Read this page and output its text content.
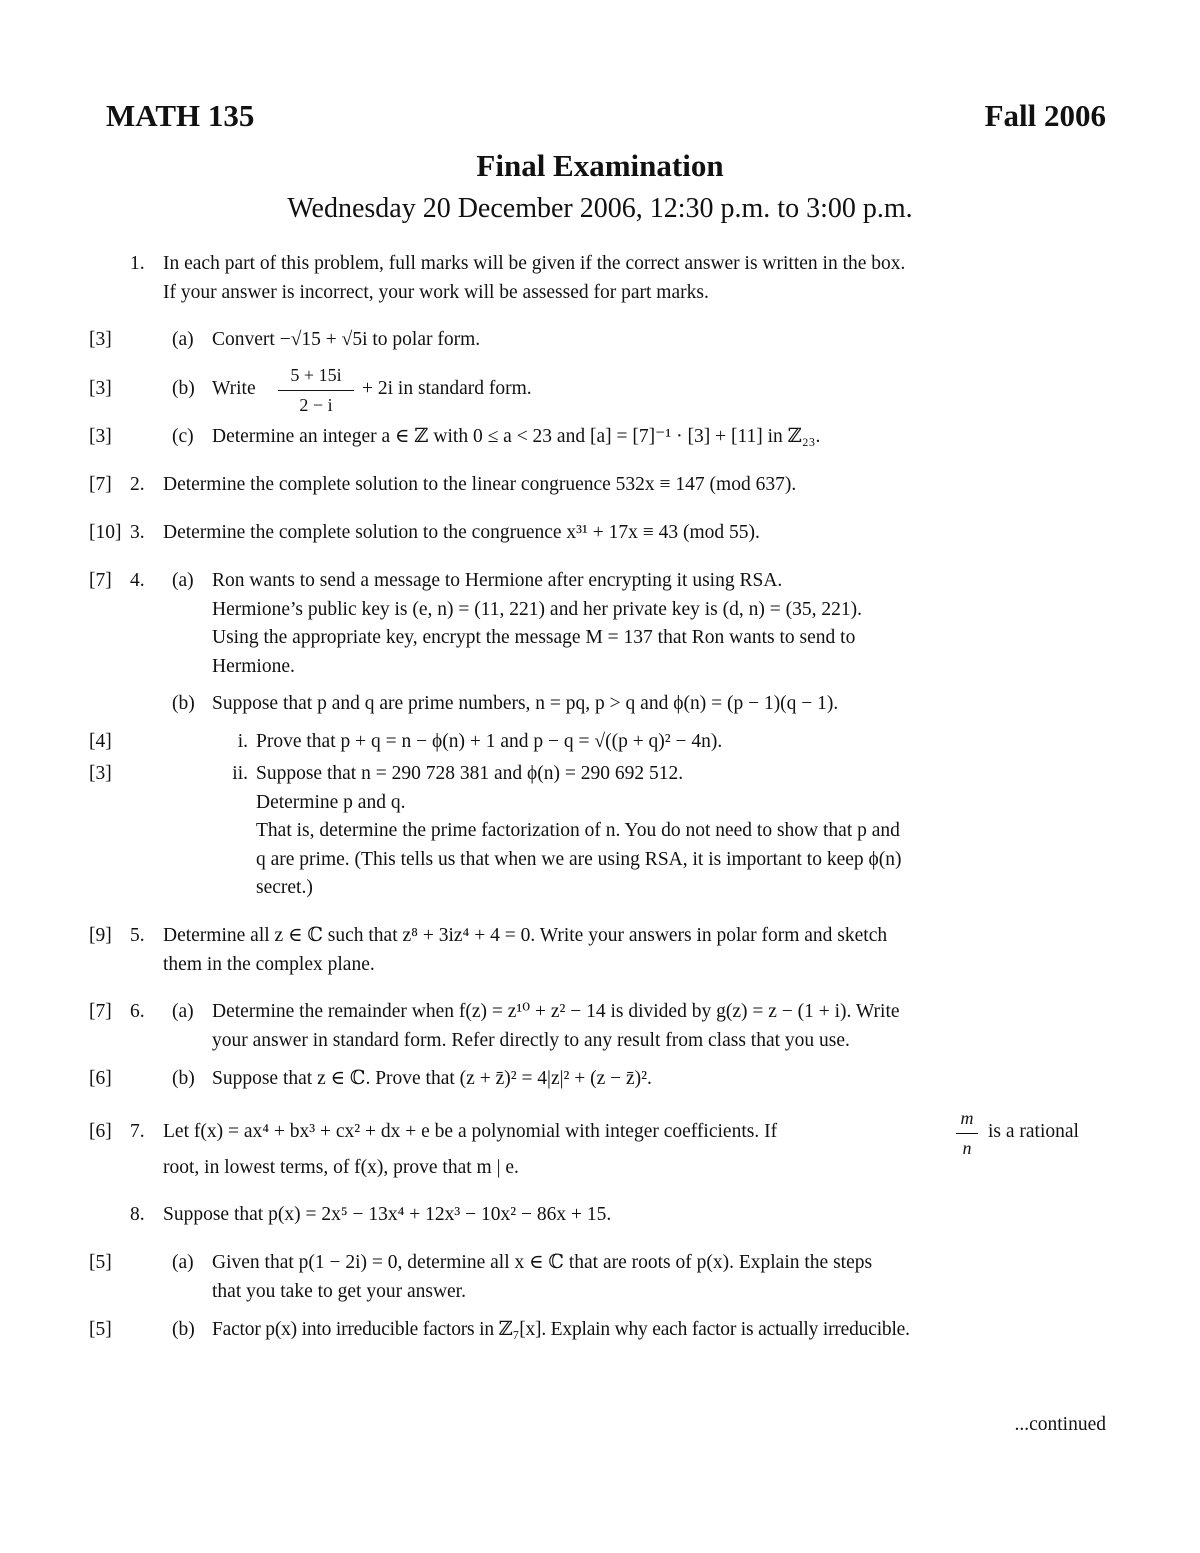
MATH 135	Fall 2006
Final Examination
Wednesday 20 December 2006, 12:30 p.m. to 3:00 p.m.
1. In each part of this problem, full marks will be given if the correct answer is written in the box.
If your answer is incorrect, your work will be assessed for part marks.
[3]	(a) Convert −√15 + √5i to polar form.
[3]	(b) Write
5 + 15i
2 − i
+ 2i in standard form.
[3]	(c) Determine an integer a ∈ ℤ with 0 ≤ a < 23 and [a] = [7]⁻¹ · [3] + [11] in ℤ₂₃.
[7] 2. Determine the complete solution to the linear congruence 532x ≡ 147 (mod 637).
[10] 3. Determine the complete solution to the congruence x³¹ + 17x ≡ 43 (mod 55).
[7] 4. (a) Ron wants to send a message to Hermione after encrypting it using RSA.
Hermione’s public key is (e, n) = (11, 221) and her private key is (d, n) = (35, 221).
Using the appropriate key, encrypt the message M = 137 that Ron wants to send to
Hermione.
(b) Suppose that p and q are prime numbers, n = pq, p > q and ϕ(n) = (p − 1)(q − 1).
[4]	i. Prove that p + q = n − ϕ(n) + 1 and p − q = √((p + q)² − 4n).
[3]	ii. Suppose that n = 290 728 381 and ϕ(n) = 290 692 512.
Determine p and q.
That is, determine the prime factorization of n. You do not need to show that p and
q are prime. (This tells us that when we are using RSA, it is important to keep ϕ(n)
secret.)
[9] 5. Determine all z ∈ ℂ such that z⁸ + 3iz⁴ + 4 = 0. Write your answers in polar form and sketch
them in the complex plane.
[7] 6. (a) Determine the remainder when f(z) = z¹⁰ + z² − 14 is divided by g(z) = z − (1 + i). Write
your answer in standard form. Refer directly to any result from class that you use.
[6]	(b) Suppose that z ∈ ℂ. Prove that (z + z̄)² = 4|z|² + (z − z̄)².
[6] 7. Let f(x) = ax⁴ + bx³ + cx² + dx + e be a polynomial with integer coefficients. If
m
n
is a rational
root, in lowest terms, of f(x), prove that m | e.
8. Suppose that p(x) = 2x⁵ − 13x⁴ + 12x³ − 10x² − 86x + 15.
[5]	(a) Given that p(1 − 2i) = 0, determine all x ∈ ℂ that are roots of p(x). Explain the steps
that you take to get your answer.
[5]	(b) Factor p(x) into irreducible factors in ℤ₇[x]. Explain why each factor is actually irreducible.
...continued
